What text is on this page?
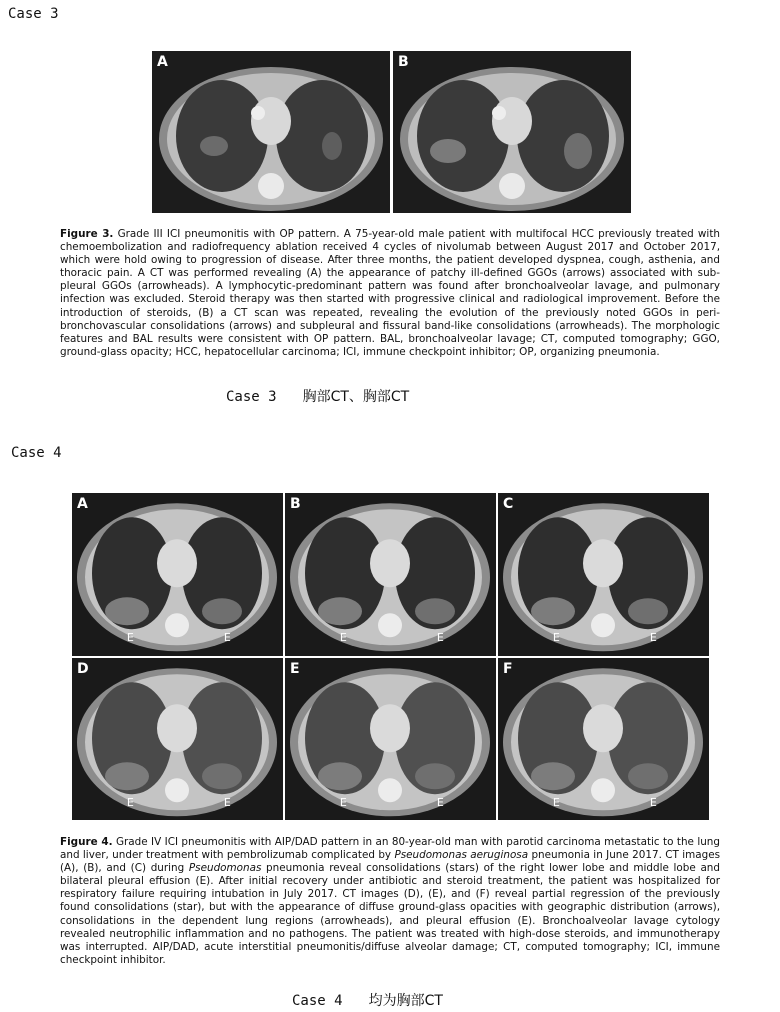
Case 3
A	B
Figure 3. Grade III ICI pneumonitis with OP pattern. A 75-year-old male patient with multifocal HCC previously treated with chemoembolization and radiofrequency ablation received 4 cycles of nivolumab between August 2017 and October 2017, which were hold owing to progression of disease. After three months, the patient developed dyspnea, cough, asthenia, and thoracic pain. A CT was performed revealing (A) the appearance of patchy ill-defined GGOs (arrows) associated with sub-pleural GGOs (arrowheads). A lymphocytic-predominant pattern was found after bronchoalveolar lavage, and pulmonary infection was excluded. Steroid therapy was then started with progressive clinical and radiological improvement. Before the introduction of steroids, (B) a CT scan was repeated, revealing the evolution of the previously noted GGOs in peri-bronchovascular consolidations (arrows) and subpleural and fissural band-like consolidations (arrowheads). The morphologic features and BAL results were consistent with OP pattern. BAL, bronchoalveolar lavage; CT, computed tomography; GGO, ground-glass opacity; HCC, hepatocellular carcinoma; ICI, immune checkpoint inhibitor; OP, organizing pneumonia.
Case 3 胸部CT、胸部CT
Case 4
A
E	E
B
E	E
C
E	E
D
E	E
E
E	E
F
E	E
Figure 4. Grade IV ICI pneumonitis with AIP/DAD pattern in an 80-year-old man with parotid carcinoma metastatic to the lung and liver, under treatment with pembrolizumab complicated by Pseudomonas aeruginosa pneumonia in June 2017. CT images (A), (B), and (C) during Pseudomonas pneumonia reveal consolidations (stars) of the right lower lobe and middle lobe and bilateral pleural effusion (E). After initial recovery under antibiotic and steroid treatment, the patient was hospitalized for respiratory failure requiring intubation in July 2017. CT images (D), (E), and (F) reveal partial regression of the previously found consolidations (star), but with the appearance of diffuse ground-glass opacities with geographic distribution (arrows), consolidations in the dependent lung regions (arrowheads), and pleural effusion (E). Bronchoalveolar lavage cytology revealed neutrophilic inflammation and no pathogens. The patient was treated with high-dose steroids, and immunotherapy was interrupted. AIP/DAD, acute interstitial pneumonitis/diffuse alveolar damage; CT, computed tomography; ICI, immune checkpoint inhibitor.
Case 4 均为胸部CT
